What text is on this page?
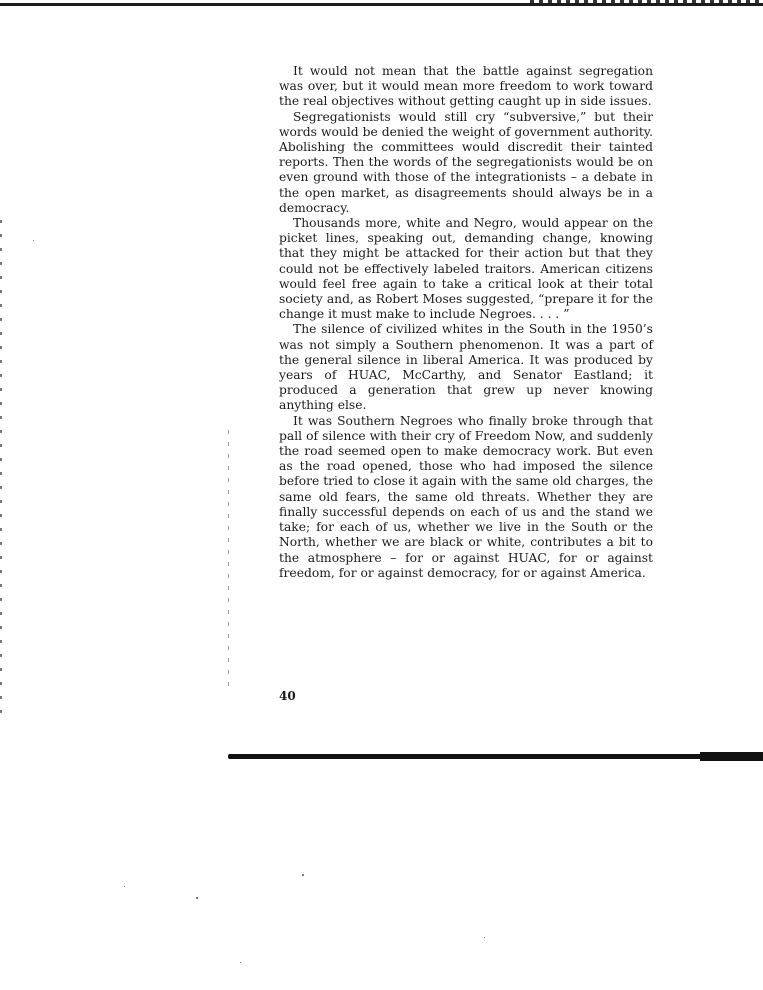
It would not mean that the battle against segregation was over, but it would mean more freedom to work toward the real objectives without getting caught up in side issues.

Segregationists would still cry “subversive,” but their words would be denied the weight of government authority. Abolishing the committees would discredit their tainted reports. Then the words of the segregationists would be on even ground with those of the integrationists – a debate in the open market, as disagreements should always be in a democracy.

Thousands more, white and Negro, would appear on the picket lines, speaking out, demanding change, knowing that they might be attacked for their action but that they could not be effectively labeled traitors. American citizens would feel free again to take a critical look at their total society and, as Robert Moses suggested, “prepare it for the change it must make to include Negroes. . . . ”

The silence of civilized whites in the South in the 1950’s was not simply a Southern phenomenon. It was a part of the general silence in liberal America. It was produced by years of HUAC, McCarthy, and Senator Eastland; it produced a generation that grew up never knowing anything else.

It was Southern Negroes who finally broke through that pall of silence with their cry of Freedom Now, and suddenly the road seemed open to make democracy work. But even as the road opened, those who had imposed the silence before tried to close it again with the same old charges, the same old fears, the same old threats. Whether they are finally successful depends on each of us and the stand we take; for each of us, whether we live in the South or the North, whether we are black or white, contributes a bit to the atmosphere – for or against HUAC, for or against freedom, for or against democracy, for or against America.

40
